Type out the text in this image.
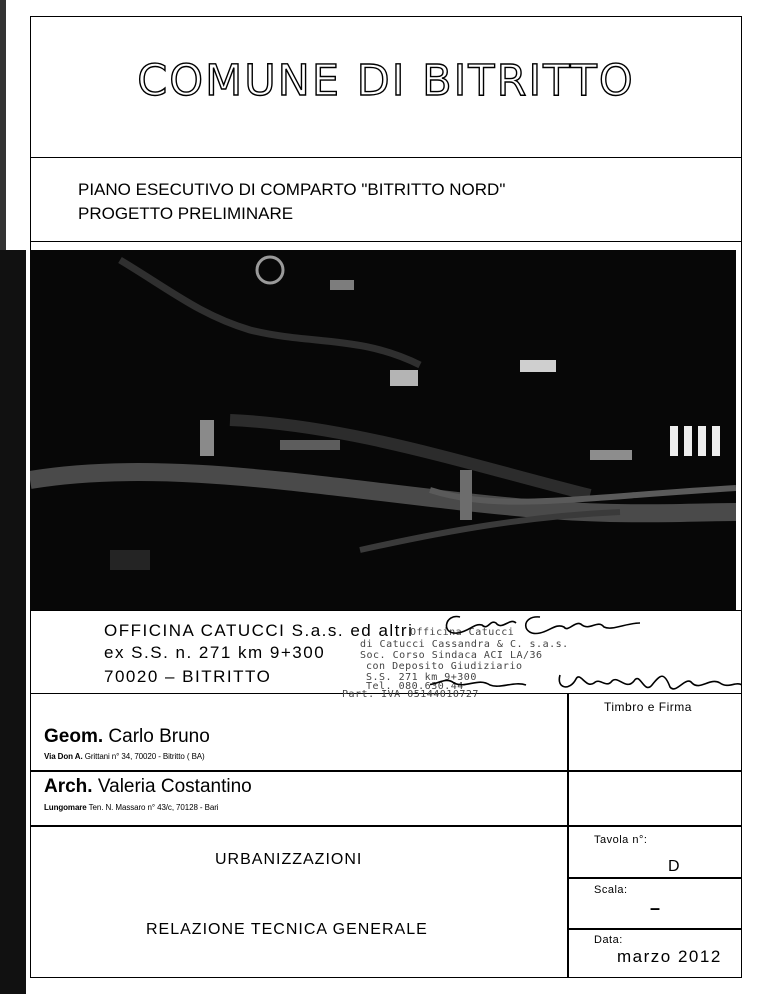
COMUNE DI BITRITTO
PIANO ESECUTIVO DI COMPARTO "BITRITTO NORD"
PROGETTO PRELIMINARE
OFFICINA CATUCCI S.a.s. ed altri
ex S.S. n. 271 km 9+300
70020 – BITRITTO
Officina Catucci
di Catucci Cassandra & C. s.a.s.
Soc. Corso Sindaca ACI LA/36
con Deposito Giudiziario
S.S. 271 km 9+300
Tel. 080.630.44
Part. IVA 05144010727
Timbro e Firma
Geom. Carlo Bruno
Via Don A. Grittani n° 34, 70020 - Bitritto ( BA)
Arch. Valeria Costantino
Lungomare Ten. N. Massaro n° 43/c, 70128 - Bari
URBANIZZAZIONI
RELAZIONE TECNICA GENERALE
Tavola n°:
D
Scala:
–
Data:
marzo 2012
